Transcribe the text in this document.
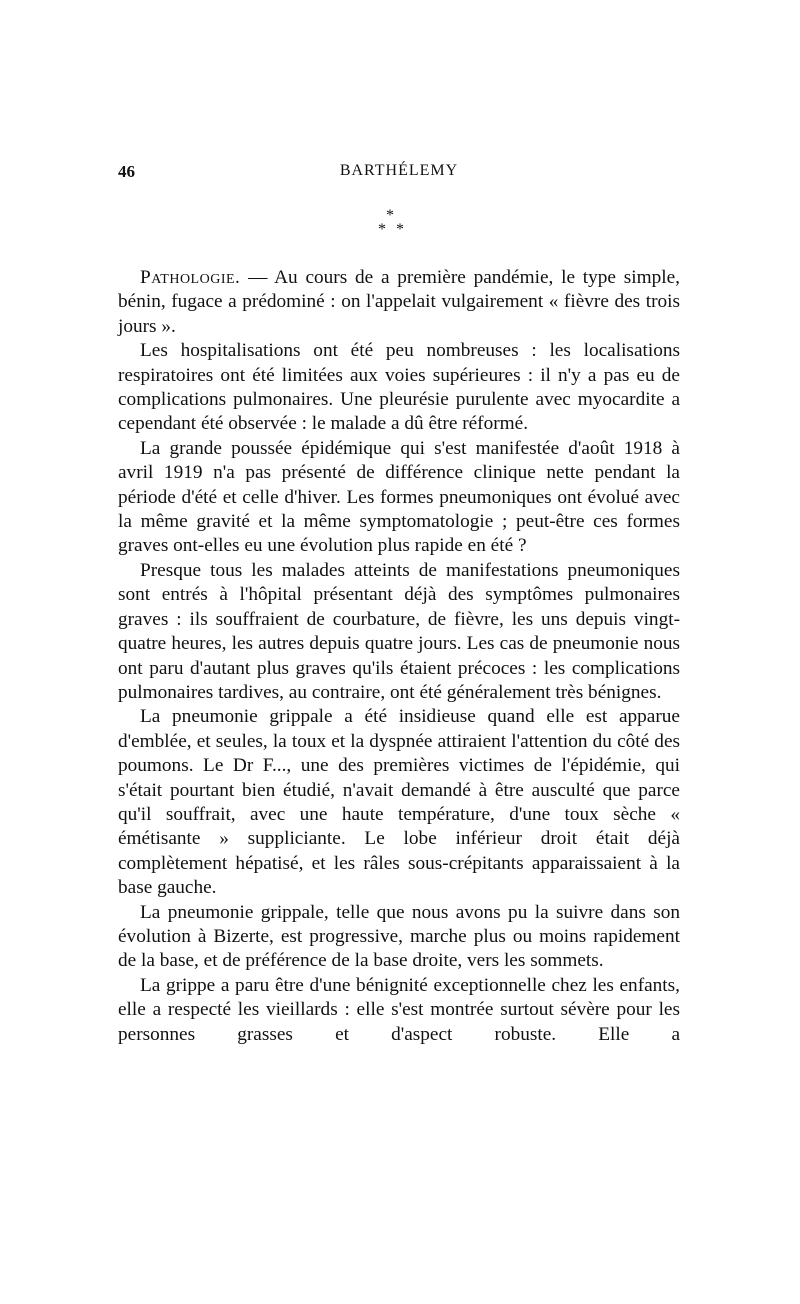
46	BARTHÉLEMY
*
* *

Pathologie. — Au cours de a première pandémie, le type simple, bénin, fugace a prédominé : on l'appelait vulgairement « fièvre des trois jours ».

Les hospitalisations ont été peu nombreuses : les localisations respiratoires ont été limitées aux voies supérieures : il n'y a pas eu de complications pulmonaires. Une pleurésie purulente avec myocardite a cependant été observée : le malade a dû être réformé.

La grande poussée épidémique qui s'est manifestée d'août 1918 à avril 1919 n'a pas présenté de différence clinique nette pendant la période d'été et celle d'hiver. Les formes pneumoniques ont évolué avec la même gravité et la même symptomatologie ; peut-être ces formes graves ont-elles eu une évolution plus rapide en été ?

Presque tous les malades atteints de manifestations pneumoniques sont entrés à l'hôpital présentant déjà des symptômes pulmonaires graves : ils souffraient de courbature, de fièvre, les uns depuis vingt-quatre heures, les autres depuis quatre jours. Les cas de pneumonie nous ont paru d'autant plus graves qu'ils étaient précoces : les complications pulmonaires tardives, au contraire, ont été généralement très bénignes.

La pneumonie grippale a été insidieuse quand elle est apparue d'emblée, et seules, la toux et la dyspnée attiraient l'attention du côté des poumons. Le Dr F..., une des premières victimes de l'épidémie, qui s'était pourtant bien étudié, n'avait demandé à être ausculté que parce qu'il souffrait, avec une haute température, d'une toux sèche « émétisante » suppliciante. Le lobe inférieur droit était déjà complètement hépatisé, et les râles sous-crépitants apparaissaient à la base gauche.

La pneumonie grippale, telle que nous avons pu la suivre dans son évolution à Bizerte, est progressive, marche plus ou moins rapidement de la base, et de préférence de la base droite, vers les sommets.

La grippe a paru être d'une bénignité exceptionnelle chez les enfants, elle a respecté les vieillards : elle s'est montrée surtout sévère pour les personnes grasses et d'aspect robuste. Elle a
